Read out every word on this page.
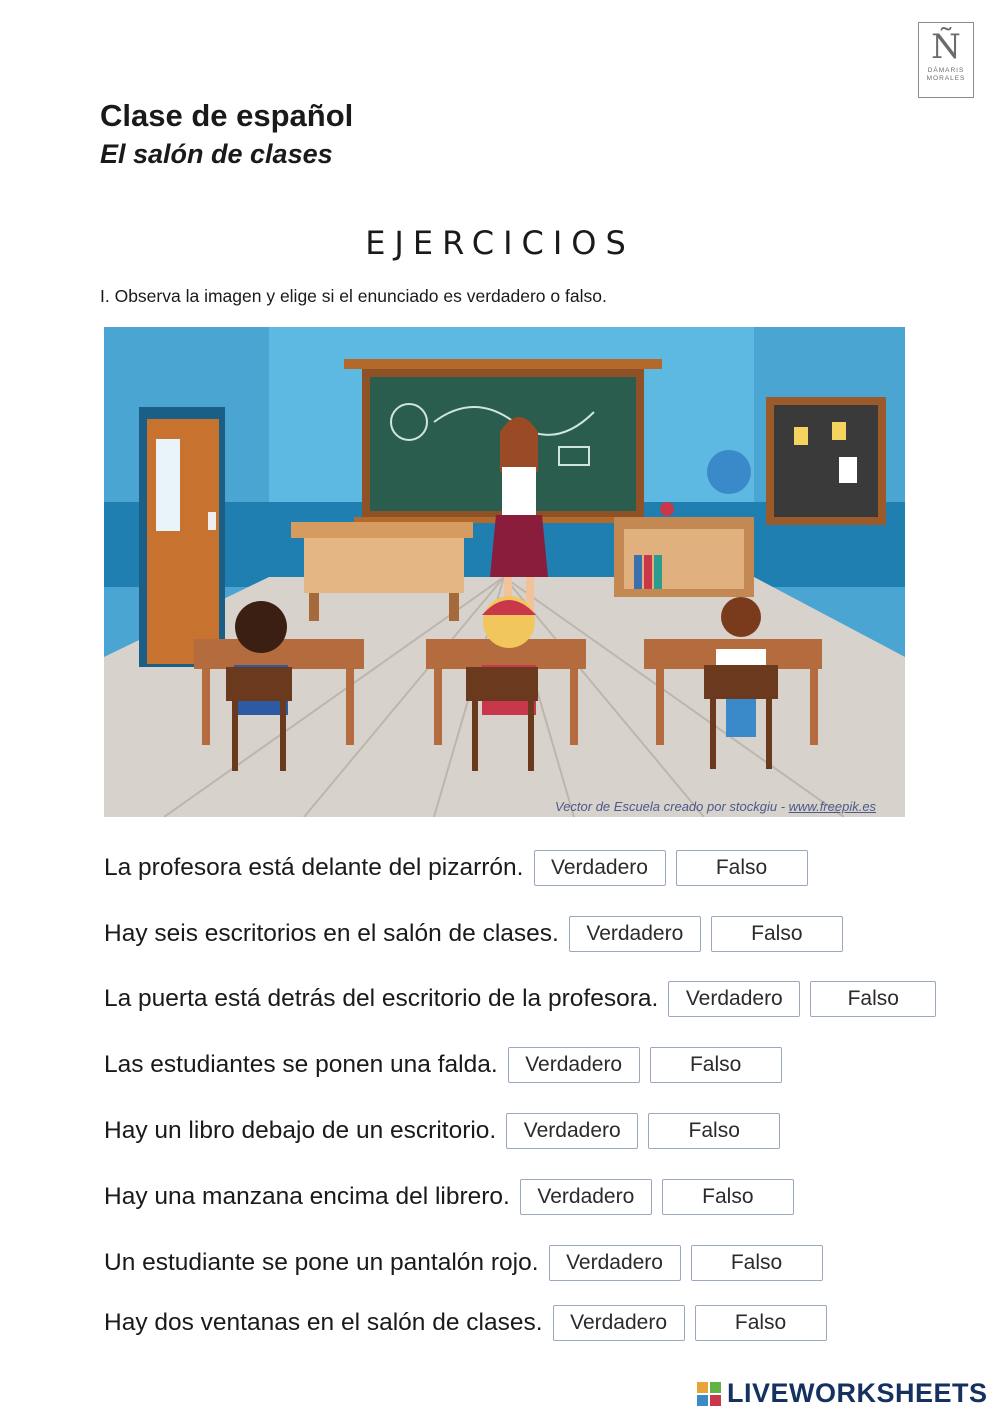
Ñ
DÁMARIS
MORALES
Clase de español
El salón de clases
EJERCICIOS
I. Observa la imagen y elige si el enunciado es verdadero o falso.
Vector de Escuela creado por stockgiu - www.freepik.es
La profesora está delante del pizarrón.	Verdadero	Falso
Hay seis escritorios en el salón de clases.	Verdadero	Falso
La puerta está detrás del escritorio de la profesora.	Verdadero	Falso
Las estudiantes se ponen una falda.	Verdadero	Falso
Hay un libro debajo de un escritorio.	Verdadero	Falso
Hay una manzana encima del librero.	Verdadero	Falso
Un estudiante se pone un pantalón rojo.	Verdadero	Falso
Hay dos ventanas en el salón de clases.	Verdadero	Falso
LIVEWORKSHEETS
